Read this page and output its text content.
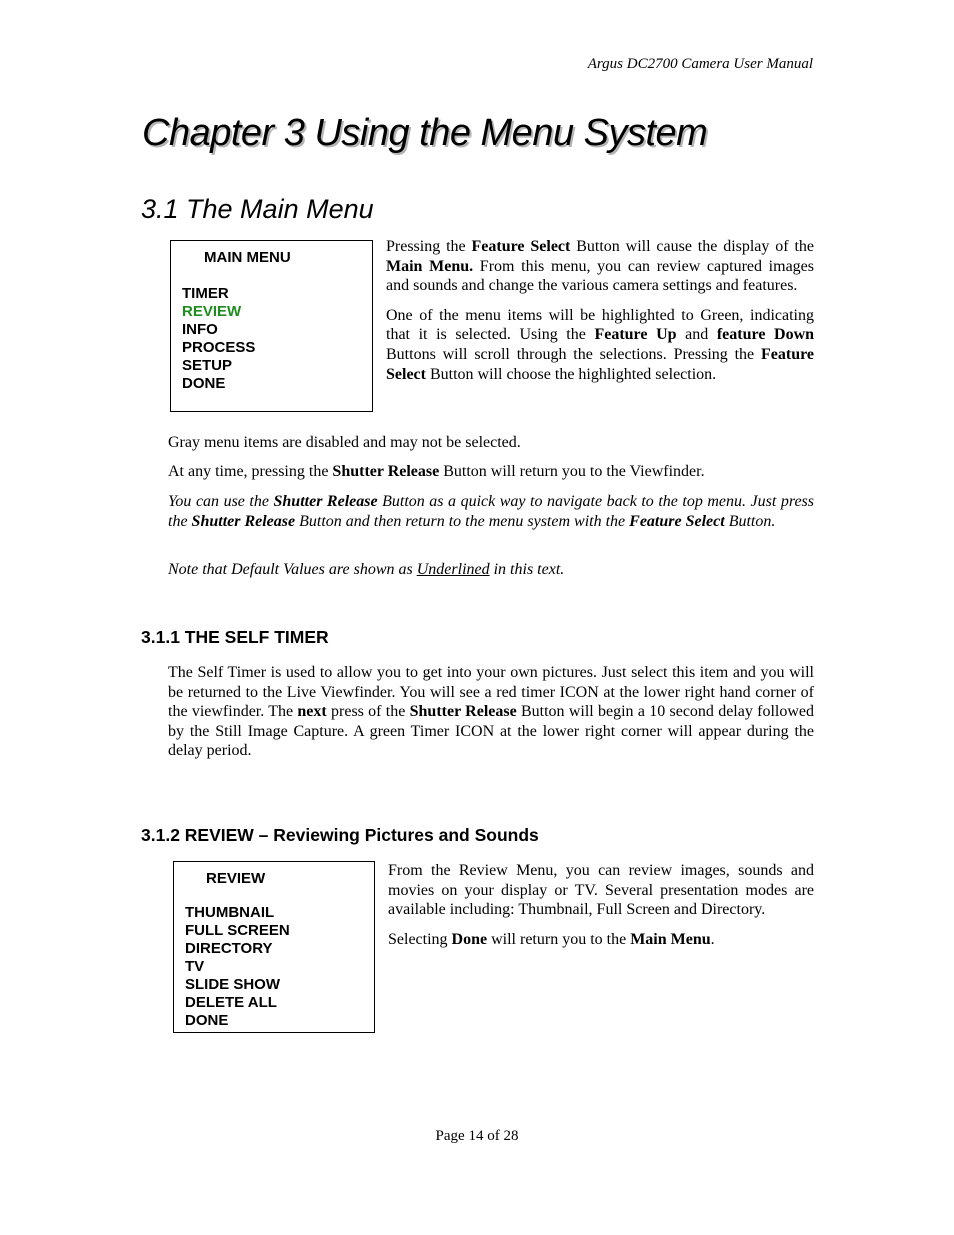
Argus DC2700 Camera User Manual
Chapter 3 Using the Menu System
3.1 The Main Menu
MAIN MENU
TIMER
REVIEW
INFO
PROCESS
SETUP
DONE

Pressing the Feature Select Button will cause the display of the Main Menu. From this menu, you can review captured images and sounds and change the various camera settings and features.

One of the menu items will be highlighted to Green, indicating that it is selected. Using the Feature Up and feature Down Buttons will scroll through the selections. Pressing the Feature Select Button will choose the highlighted selection.

Gray menu items are disabled and may not be selected.

At any time, pressing the Shutter Release Button will return you to the Viewfinder.

You can use the Shutter Release Button as a quick way to navigate back to the top menu. Just press the Shutter Release Button and then return to the menu system with the Feature Select Button.

Note that Default Values are shown as Underlined in this text.

3.1.1 THE SELF TIMER

The Self Timer is used to allow you to get into your own pictures. Just select this item and you will be returned to the Live Viewfinder. You will see a red timer ICON at the lower right hand corner of the viewfinder. The next press of the Shutter Release Button will begin a 10 second delay followed by the Still Image Capture. A green Timer ICON at the lower right corner will appear during the delay period.

3.1.2 REVIEW – Reviewing Pictures and Sounds
REVIEW
THUMBNAIL
FULL SCREEN
DIRECTORY
TV
SLIDE SHOW
DELETE ALL
DONE

From the Review Menu, you can review images, sounds and movies on your display or TV. Several presentation modes are available including: Thumbnail, Full Screen and Directory.

Selecting Done will return you to the Main Menu.

Page 14 of 28
